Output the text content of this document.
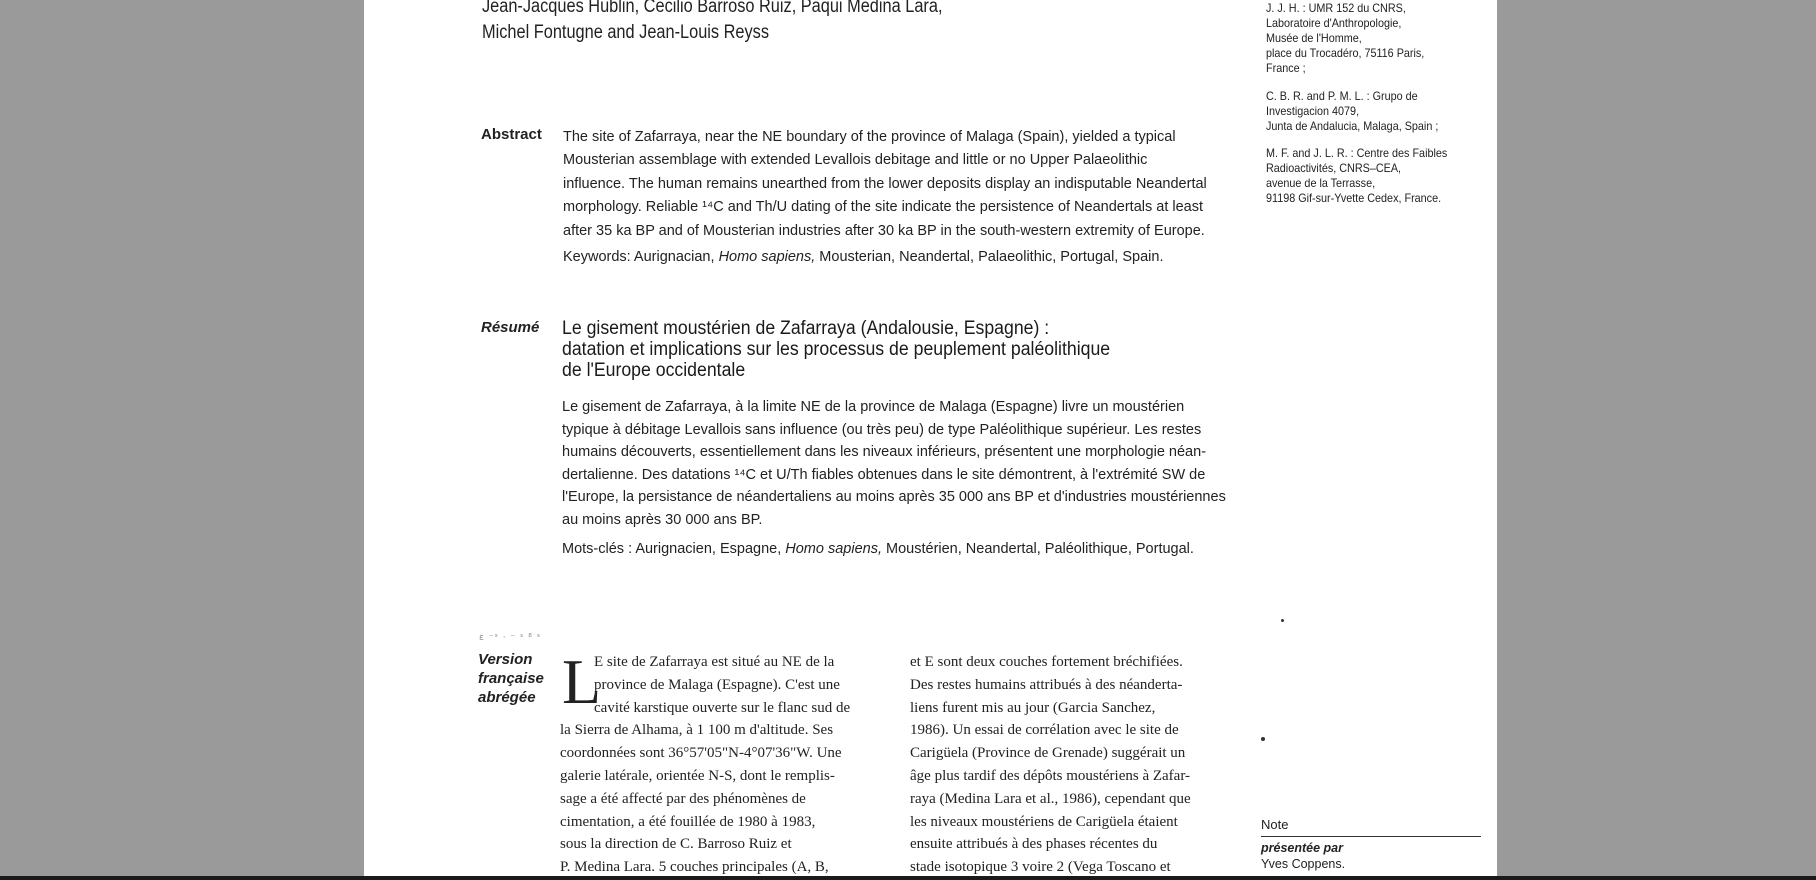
Jean-Jacques Hublin, Cecilio Barroso Ruiz, Paqui Medina Lara,
Michel Fontugne and Jean-Louis Reyss
J. J. H. : UMR 152 du CNRS,
Laboratoire d'Anthropologie,
Musée de l'Homme,
place du Trocadéro, 75116 Paris,
France ;
C. B. R. and P. M. L. : Grupo de
Investigacion 4079,
Junta de Andalucia, Malaga, Spain ;
M. F. and J. L. R. : Centre des Faibles
Radioactivités, CNRS–CEA,
avenue de la Terrasse,
91198 Gif-sur-Yvette Cedex, France.
Abstract The site of Zafarraya, near the NE boundary of the province of Malaga (Spain), yielded a typical
Mousterian assemblage with extended Levallois debitage and little or no Upper Palaeolithic
influence. The human remains unearthed from the lower deposits display an indisputable Neandertal
morphology. Reliable ¹⁴C and Th/U dating of the site indicate the persistence of Neandertals at least
after 35 ka BP and of Mousterian industries after 30 ka BP in the south-western extremity of Europe.
Keywords: Aurignacian, Homo sapiens, Mousterian, Neandertal, Palaeolithic, Portugal, Spain.
Résumé Le gisement moustérien de Zafarraya (Andalousie, Espagne) :
datation et implications sur les processus de peuplement paléolithique
de l'Europe occidentale
Le gisement de Zafarraya, à la limite NE de la province de Malaga (Espagne) livre un moustérien
typique à débitage Levallois sans influence (ou très peu) de type Paléolithique supérieur. Les restes
humains découverts, essentiellement dans les niveaux inférieurs, présentent une morphologie néan-
dertalienne. Des datations ¹⁴C et U/Th fiables obtenues dans le site démontrent, à l'extrémité SW de
l'Europe, la persistance de néandertaliens au moins après 35 000 ans BP et d'industries moustériennes
au moins après 30 000 ans BP.
Mots-clés : Aurignacien, Espagne, Homo sapiens, Moustérien, Neandertal, Paléolithique, Portugal.
ε ⁻ˢ · ⁻ ˢ ⁸ ˢ
Version
française
abrégée L
E site de Zafarraya est situé au NE de la
province de Malaga (Espagne). C'est une
cavité karstique ouverte sur le flanc sud de
la Sierra de Alhama, à 1 100 m d'altitude. Ses
coordonnées sont 36°57'05"N-4°07'36"W. Une
galerie latérale, orientée N-S, dont le remplis-
sage a été affecté par des phénomènes de
cimentation, a été fouillée de 1980 à 1983,
sous la direction de C. Barroso Ruiz et
P. Medina Lara. 5 couches principales (A, B,
et E sont deux couches fortement bréchifiées.
Des restes humains attribués à des néanderta-
liens furent mis au jour (Garcia Sanchez,
1986). Un essai de corrélation avec le site de
Carigüela (Province de Grenade) suggérait un
âge plus tardif des dépôts moustériens à Zafar-
raya (Medina Lara et al., 1986), cependant que
les niveaux moustériens de Carigüela étaient
ensuite attribués à des phases récentes du
stade isotopique 3 voire 2 (Vega Toscano et
Note
présentée par
Yves Coppens.
